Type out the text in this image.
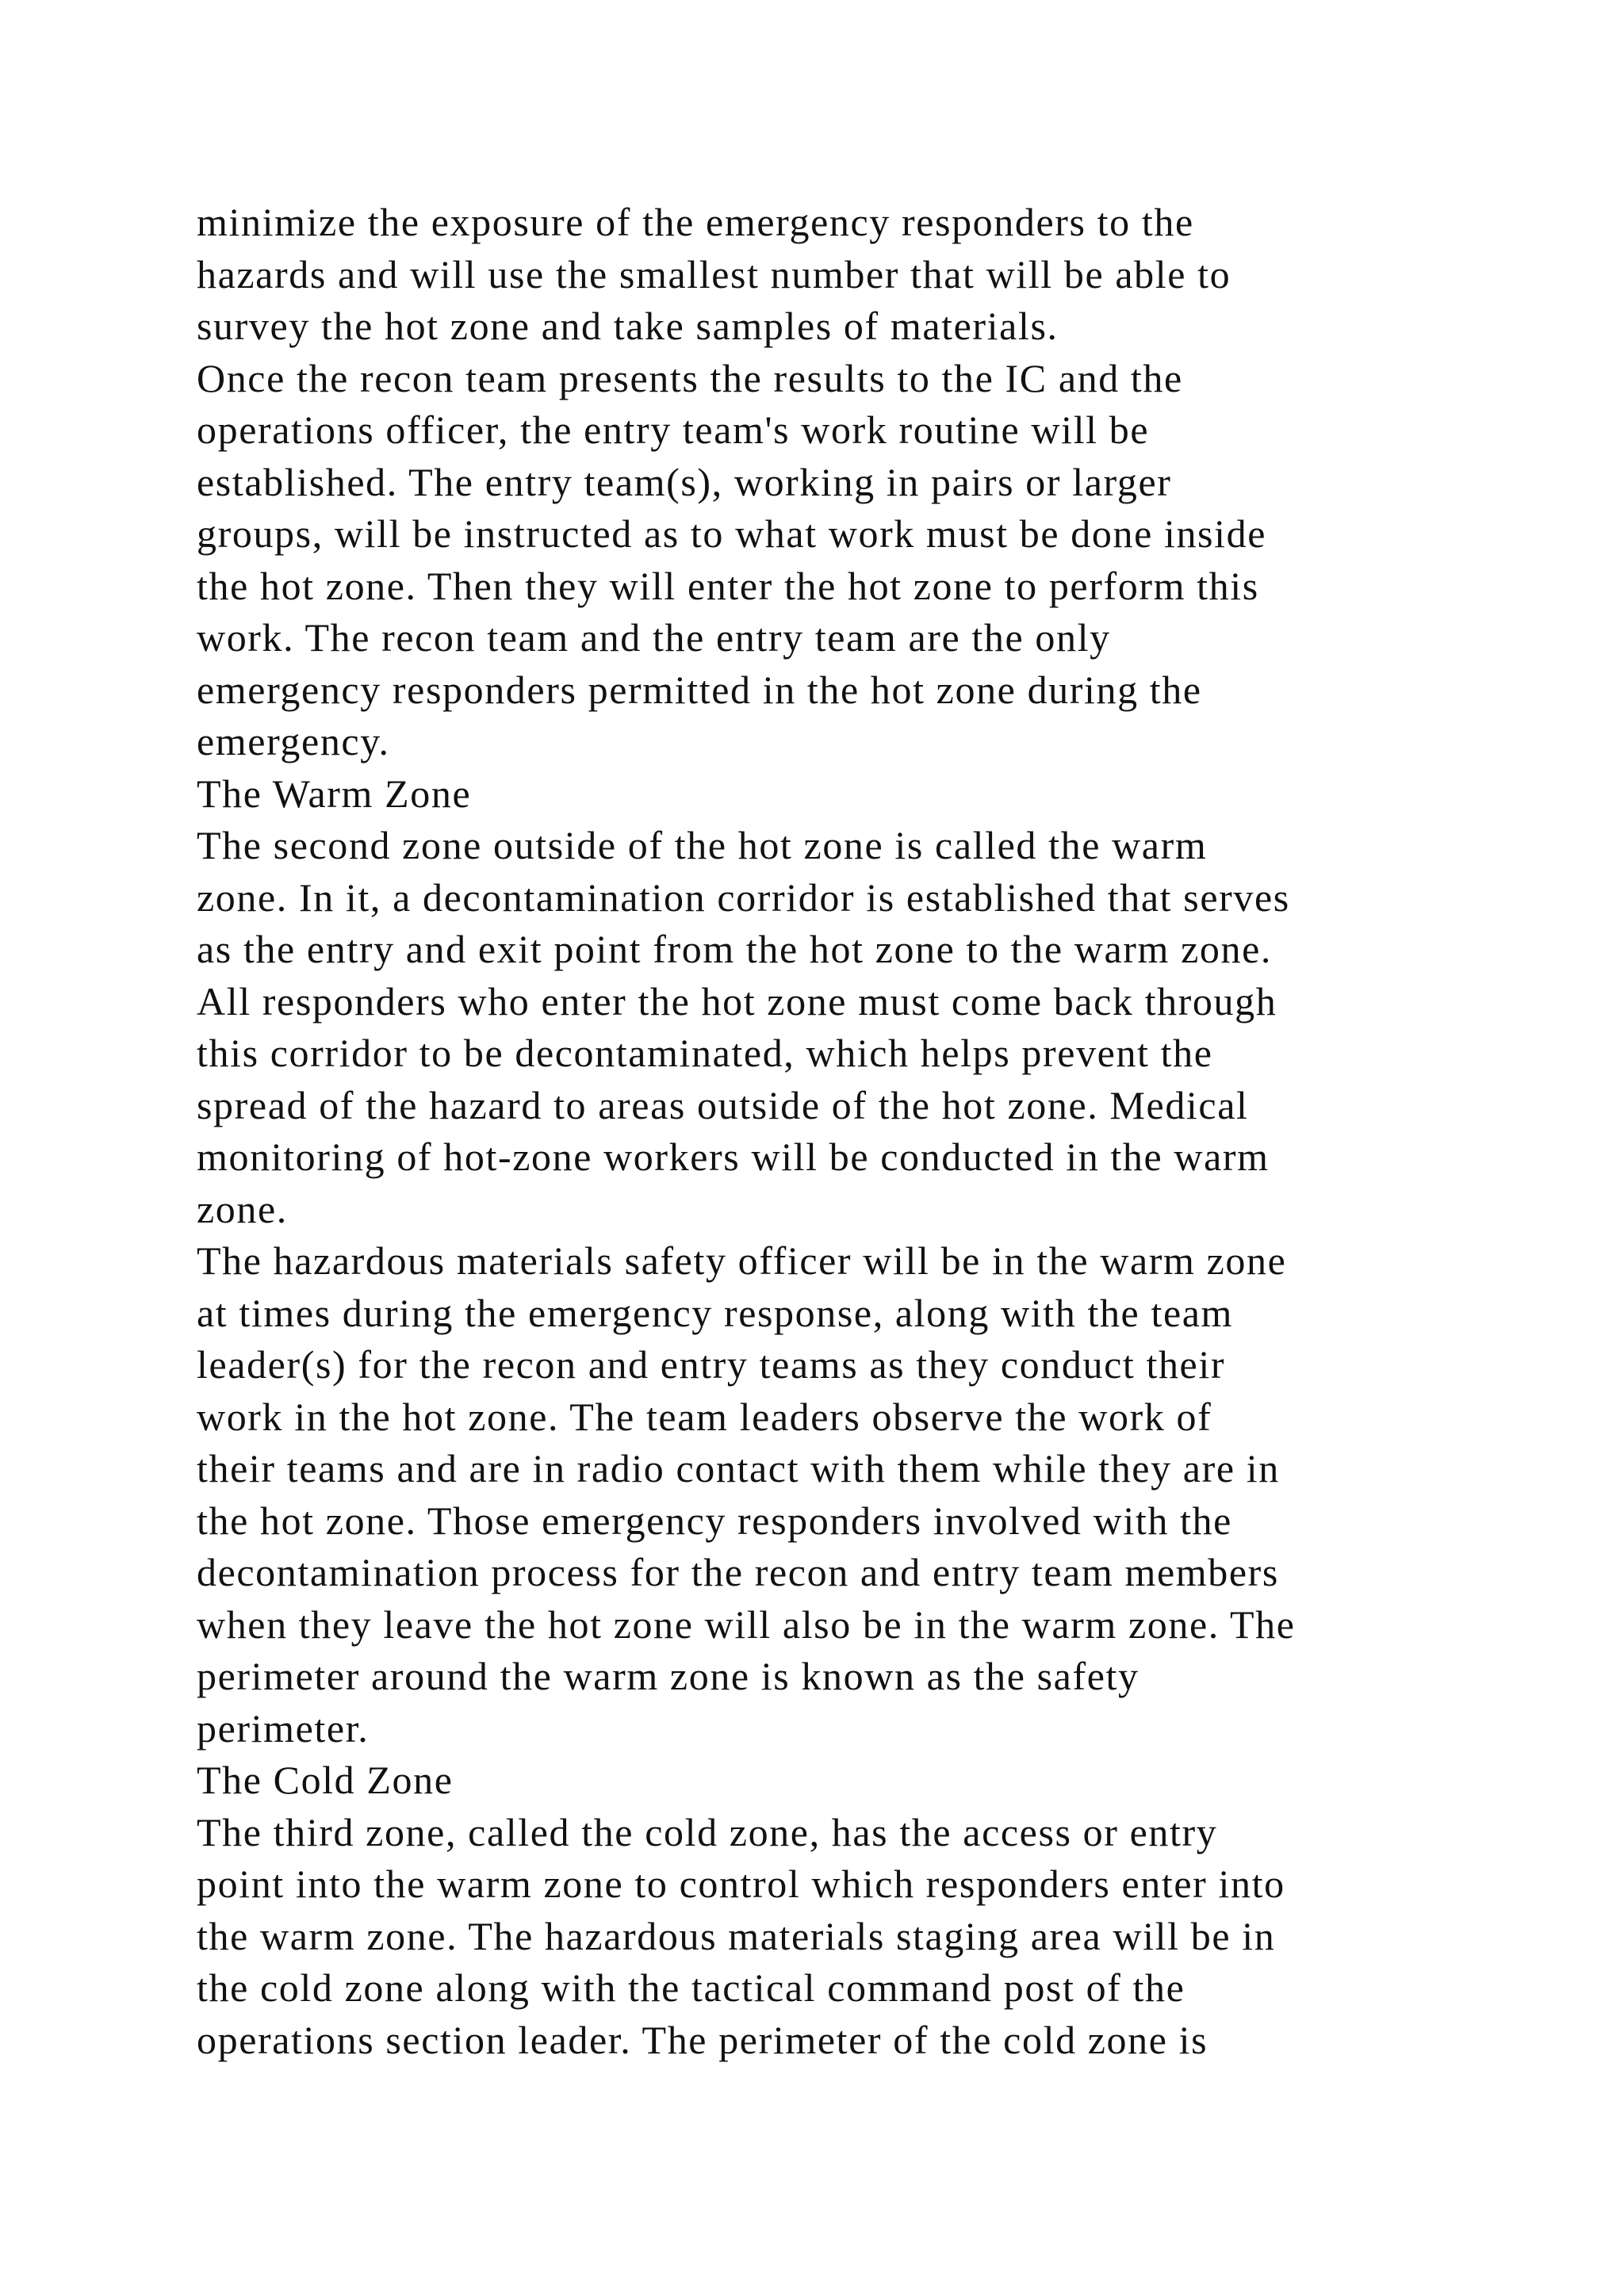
minimize the exposure of the emergency responders to the
hazards and will use the smallest number that will be able to
survey the hot zone and take samples of materials.
Once the recon team presents the results to the IC and the
operations officer, the entry team's work routine will be
established. The entry team(s), working in pairs or larger
groups, will be instructed as to what work must be done inside
the hot zone. Then they will enter the hot zone to perform this
work. The recon team and the entry team are the only
emergency responders permitted in the hot zone during the
emergency.
The Warm Zone
The second zone outside of the hot zone is called the warm
zone. In it, a decontamination corridor is established that serves
as the entry and exit point from the hot zone to the warm zone.
All responders who enter the hot zone must come back through
this corridor to be decontaminated, which helps prevent the
spread of the hazard to areas outside of the hot zone. Medical
monitoring of hot-zone workers will be conducted in the warm
zone.
The hazardous materials safety officer will be in the warm zone
at times during the emergency response, along with the team
leader(s) for the recon and entry teams as they conduct their
work in the hot zone. The team leaders observe the work of
their teams and are in radio contact with them while they are in
the hot zone. Those emergency responders involved with the
decontamination process for the recon and entry team members
when they leave the hot zone will also be in the warm zone. The
perimeter around the warm zone is known as the safety
perimeter.
The Cold Zone
The third zone, called the cold zone, has the access or entry
point into the warm zone to control which responders enter into
the warm zone. The hazardous materials staging area will be in
the cold zone along with the tactical command post of the
operations section leader. The perimeter of the cold zone is
